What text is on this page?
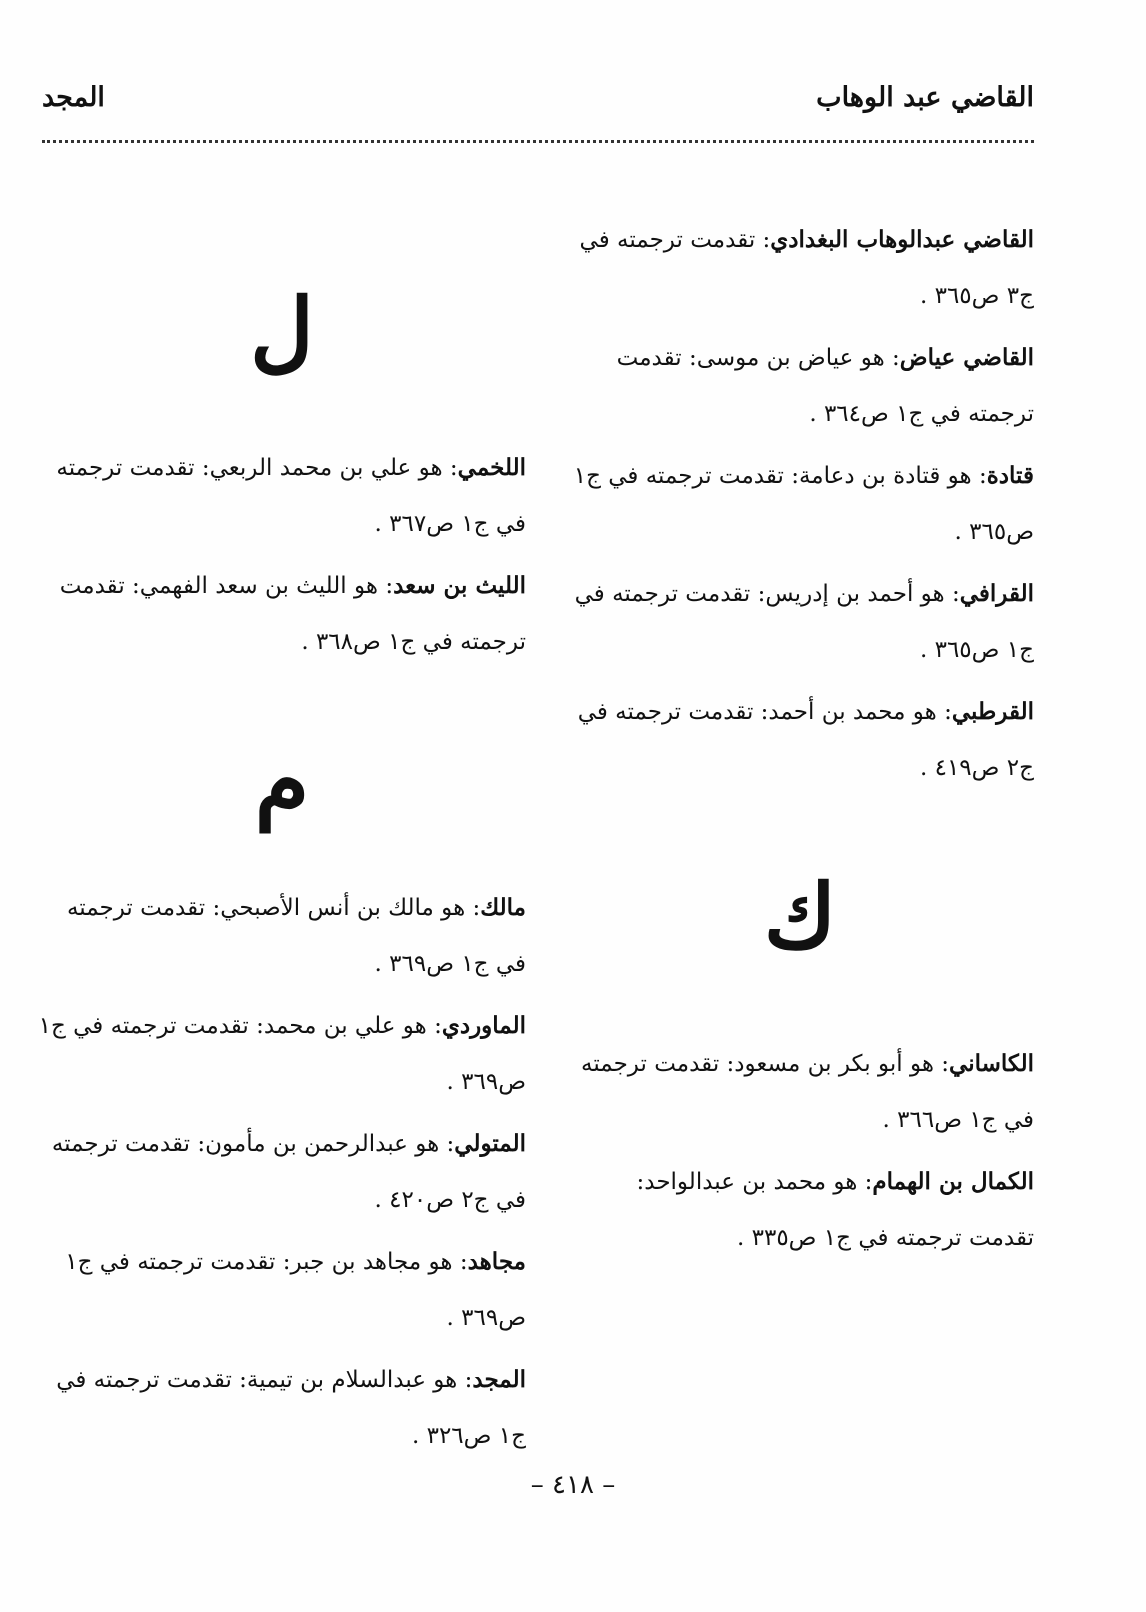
القاضي عبد الوهاب
المجد
القاضي عبدالوهاب البغدادي: تقدمت ترجمته في ج٣ ص٣٦٥ .
القاضي عياض: هو عياض بن موسى: تقدمت ترجمته في ج١ ص٣٦٤ .
قتادة: هو قتادة بن دعامة: تقدمت ترجمته في ج١ ص٣٦٥ .
القرافي: هو أحمد بن إدريس: تقدمت ترجمته في ج١ ص٣٦٥ .
القرطبي: هو محمد بن أحمد: تقدمت ترجمته في ج٢ ص٤١٩ .
ك
الكاساني: هو أبو بكر بن مسعود: تقدمت ترجمته في ج١ ص٣٦٦ .
الكمال بن الهمام: هو محمد بن عبدالواحد: تقدمت ترجمته في ج١ ص٣٣٥ .
ل
اللخمي: هو علي بن محمد الربعي: تقدمت ترجمته في ج١ ص٣٦٧ .
الليث بن سعد: هو الليث بن سعد الفهمي: تقدمت ترجمته في ج١ ص٣٦٨ .
م
مالك: هو مالك بن أنس الأصبحي: تقدمت ترجمته في ج١ ص٣٦٩ .
الماوردي: هو علي بن محمد: تقدمت ترجمته في ج١ ص٣٦٩ .
المتولي: هو عبدالرحمن بن مأمون: تقدمت ترجمته في ج٢ ص٤٢٠ .
مجاهد: هو مجاهد بن جبر: تقدمت ترجمته في ج١ ص٣٦٩ .
المجد: هو عبدالسلام بن تيمية: تقدمت ترجمته في ج١ ص٣٢٦ .
– ٤١٨ –
